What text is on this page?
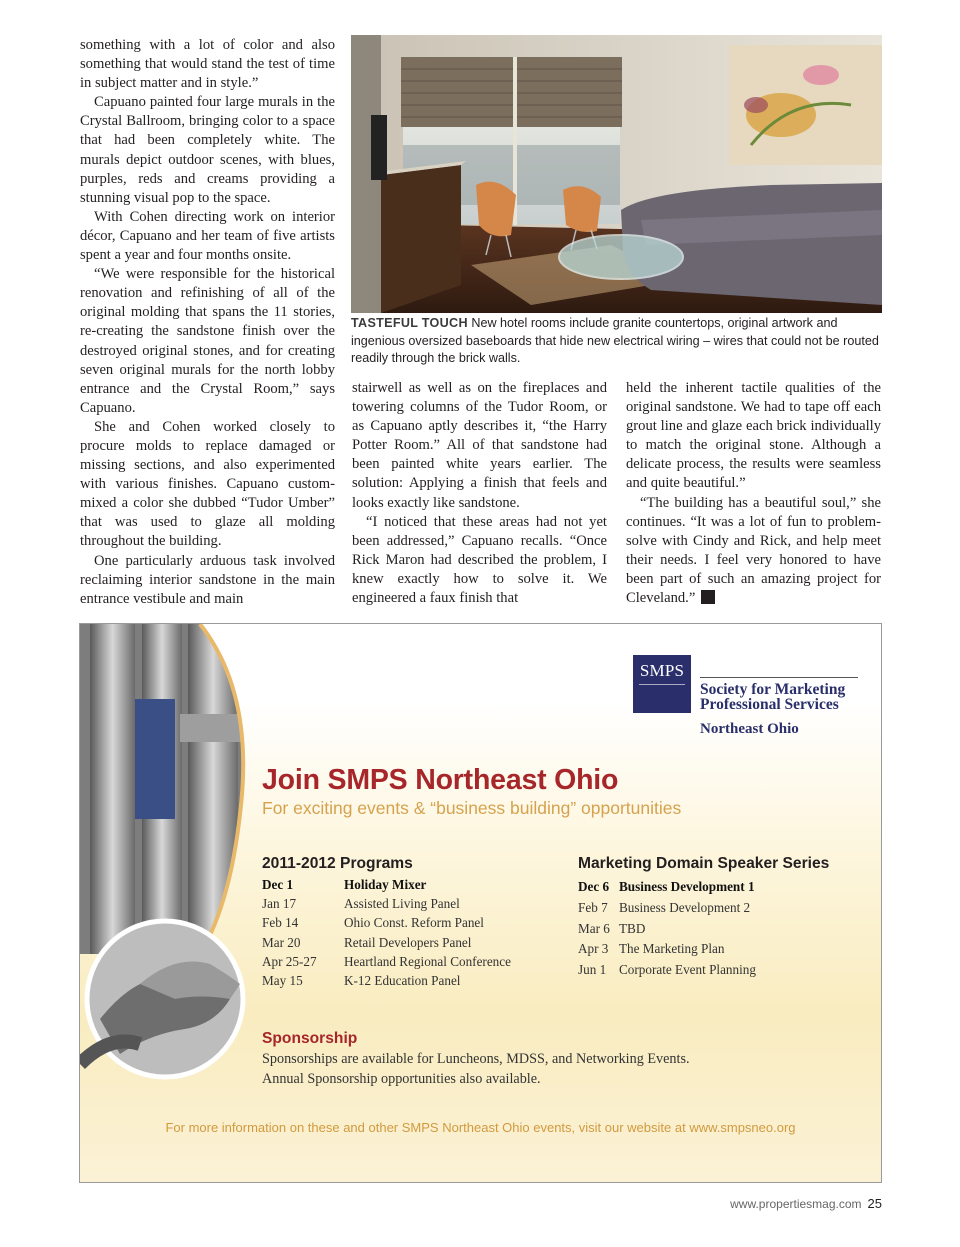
something with a lot of color and also something that would stand the test of time in subject matter and in style.”

Capuano painted four large murals in the Crystal Ballroom, bringing color to a space that had been completely white. The murals depict outdoor scenes, with blues, purples, reds and creams providing a stunning visual pop to the space.

With Cohen directing work on interior décor, Capuano and her team of five artists spent a year and four months onsite.

“We were responsible for the historical renovation and refinishing of all of the original molding that spans the 11 stories, re-creating the sandstone finish over the destroyed original stones, and for creating seven original murals for the north lobby entrance and the Crystal Room,” says Capuano.

She and Cohen worked closely to procure molds to replace damaged or missing sections, and also experimented with various finishes. Capuano custom-mixed a color she dubbed “Tudor Umber” that was used to glaze all molding throughout the building.

One particularly arduous task involved reclaiming interior sandstone in the main entrance vestibule and main

TASTEFUL TOUCH New hotel rooms include granite countertops, original artwork and ingenious oversized baseboards that hide new electrical wiring – wires that could not be routed readily through the brick walls.

stairwell as well as on the fireplaces and towering columns of the Tudor Room, or as Capuano aptly describes it, “the Harry Potter Room.” All of that sandstone had been painted white years earlier. The solution: Applying a finish that feels and looks exactly like sandstone.

“I noticed that these areas had not yet been addressed,” Capuano recalls. “Once Rick Maron had described the problem, I knew exactly how to solve it. We engineered a faux finish that

held the inherent tactile qualities of the original sandstone. We had to tape off each grout line and glaze each brick individually to match the original stone. Although a delicate process, the results were seamless and quite beautiful.”

“The building has a beautiful soul,” she continues. “It was a lot of fun to problem-solve with Cindy and Rick, and help meet their needs. I feel very honored to have been part of such an amazing project for Cleveland.” P

SMPS
Society for Marketing
Professional Services
Northeast Ohio
Join SMPS Northeast Ohio
For exciting events & “business building” opportunities
2011-2012 Programs
Dec 1	Holiday Mixer
Jan 17	Assisted Living Panel
Feb 14	Ohio Const. Reform Panel
Mar 20	Retail Developers Panel
Apr 25-27 Heartland Regional Conference
May 15	K-12 Education Panel
Marketing Domain Speaker Series
Dec 6 Business Development 1
Feb 7 Business Development 2
Mar 6 TBD
Apr 3 The Marketing Plan
Jun 1 Corporate Event Planning
Sponsorship
Sponsorships are available for Luncheons, MDSS, and Networking Events.
Annual Sponsorship opportunities also available.
For more information on these and other SMPS Northeast Ohio events, visit our website at www.smpsneo.org
www.propertiesmag.com 25
